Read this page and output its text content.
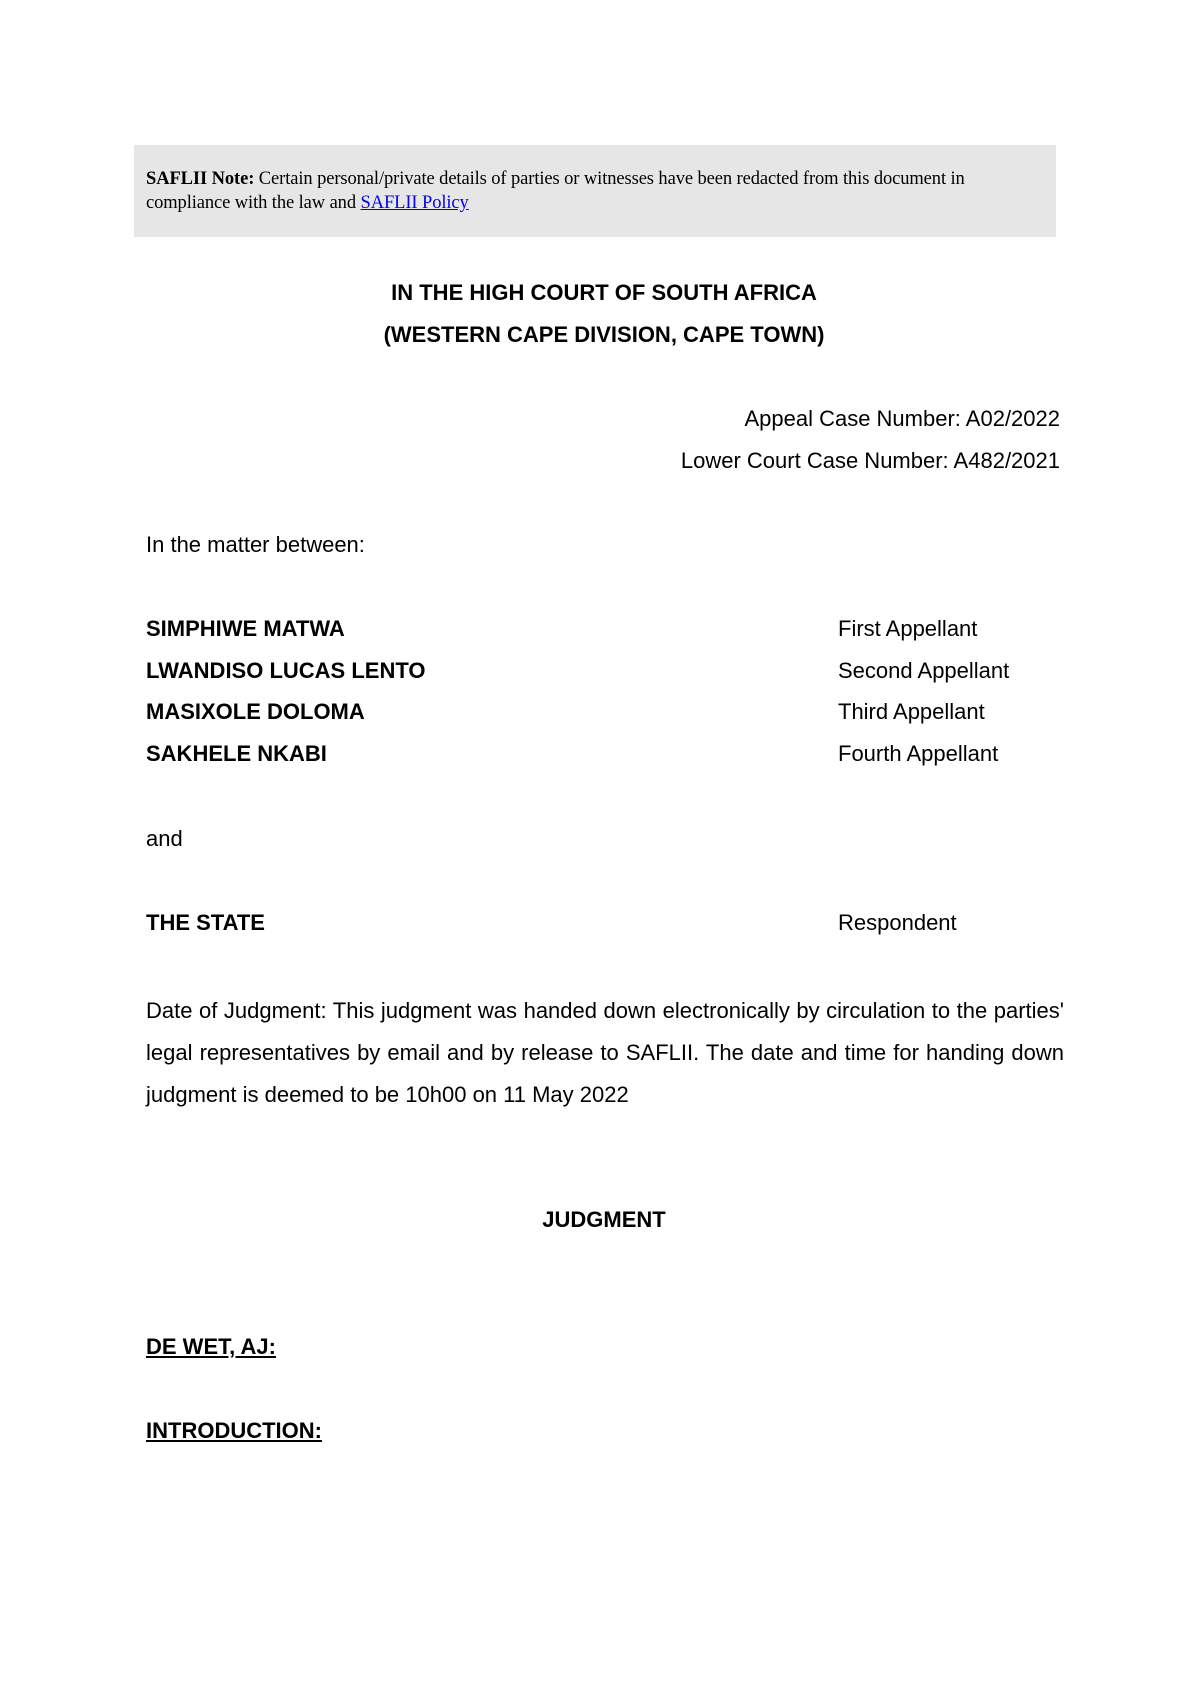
SAFLII Note: Certain personal/private details of parties or witnesses have been redacted from this document in compliance with the law and SAFLII Policy
IN THE HIGH COURT OF SOUTH AFRICA
(WESTERN CAPE DIVISION, CAPE TOWN)
Appeal Case Number: A02/2022
Lower Court Case Number: A482/2021
In the matter between:
SIMPHIWE MATWA	First Appellant
LWANDISO LUCAS LENTO	Second Appellant
MASIXOLE DOLOMA	Third Appellant
SAKHELE NKABI	Fourth Appellant
and
THE STATE	Respondent
Date of Judgment: This judgment was handed down electronically by circulation to the parties' legal representatives by email and by release to SAFLII. The date and time for handing down judgment is deemed to be 10h00 on 11 May 2022
JUDGMENT
DE WET, AJ:
INTRODUCTION:
